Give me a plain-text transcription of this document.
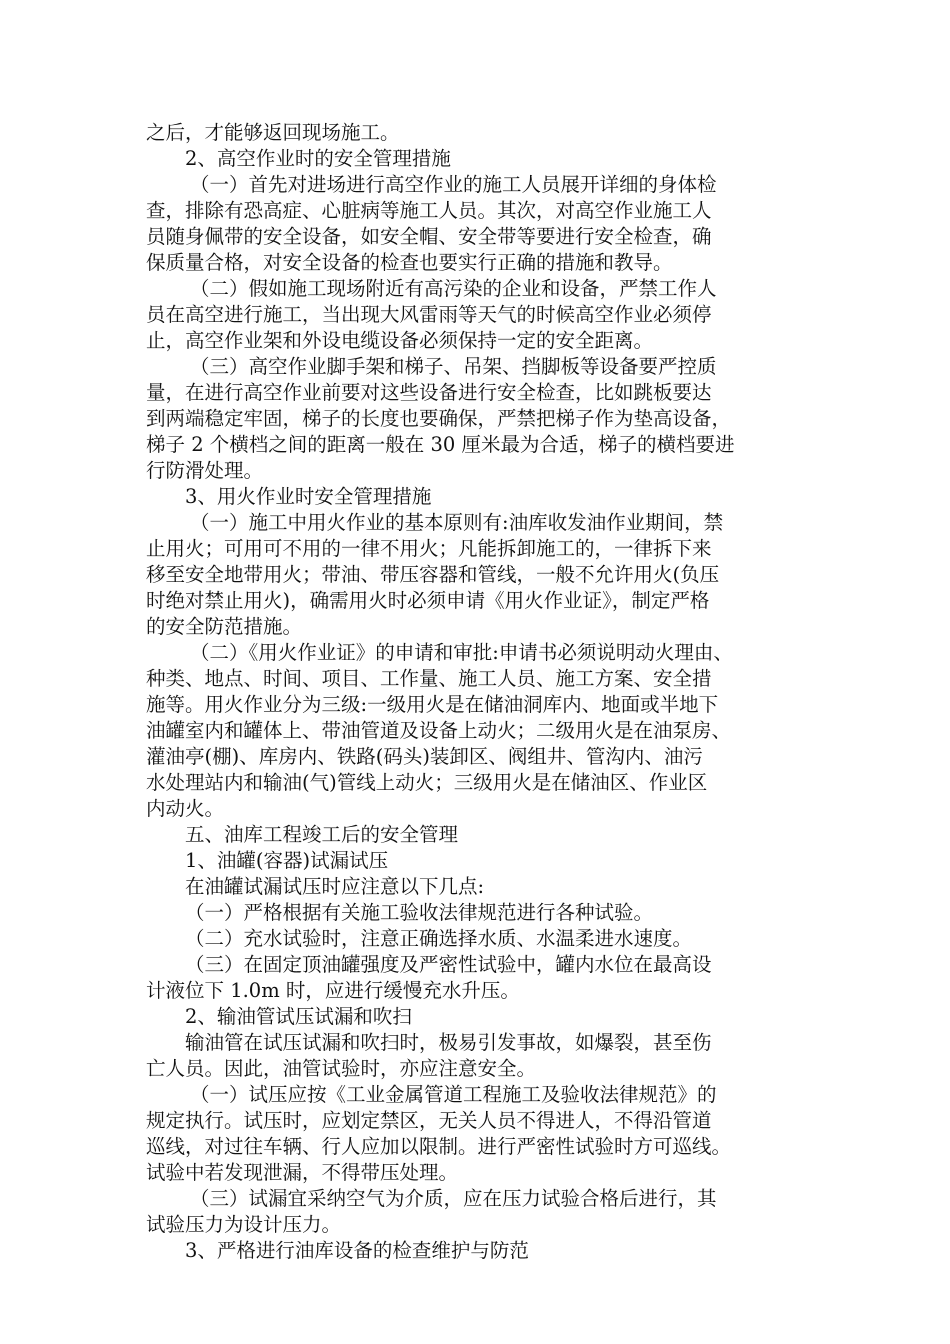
之后，才能够返回现场施工。

2、高空作业时的安全管理措施

（一）首先对进场进行高空作业的施工人员展开详细的身体检

查，排除有恐高症、心脏病等施工人员。其次，对高空作业施工人

员随身佩带的安全设备，如安全帽、安全带等要进行安全检查，确

保质量合格，对安全设备的检查也要实行正确的措施和教导。

（二）假如施工现场附近有高污染的企业和设备，严禁工作人

员在高空进行施工，当出现大风雷雨等天气的时候高空作业必须停

止，高空作业架和外设电缆设备必须保持一定的安全距离。

（三）高空作业脚手架和梯子、吊架、挡脚板等设备要严控质

量，在进行高空作业前要对这些设备进行安全检查，比如跳板要达

到两端稳定牢固，梯子的长度也要确保，严禁把梯子作为垫高设备，

梯子 2 个横档之间的距离一般在 30 厘米最为合适，梯子的横档要进

行防滑处理。

3、用火作业时安全管理措施

（一）施工中用火作业的基本原则有:油库收发油作业期间，禁

止用火；可用可不用的一律不用火；凡能拆卸施工的，一律拆下来

移至安全地带用火；带油、带压容器和管线，一般不允许用火(负压

时绝对禁止用火)，确需用火时必须申请《用火作业证》，制定严格

的安全防范措施。

（二）《用火作业证》的申请和审批:申请书必须说明动火理由、

种类、地点、时间、项目、工作量、施工人员、施工方案、安全措

施等。用火作业分为三级:一级用火是在储油洞库内、地面或半地下

油罐室内和罐体上、带油管道及设备上动火；二级用火是在油泵房、

灌油亭(棚)、库房内、铁路(码头)装卸区、阀组井、管沟内、油污

水处理站内和输油(气)管线上动火；三级用火是在储油区、作业区

内动火。

五、油库工程竣工后的安全管理

1、油罐(容器)试漏试压

在油罐试漏试压时应注意以下几点:

（一）严格根据有关施工验收法律规范进行各种试验。

（二）充水试验时，注意正确选择水质、水温柔进水速度。

（三）在固定顶油罐强度及严密性试验中，罐内水位在最高设

计液位下 1.0m 时，应进行缓慢充水升压。

2、输油管试压试漏和吹扫

输油管在试压试漏和吹扫时，极易引发事故，如爆裂，甚至伤

亡人员。因此，油管试验时，亦应注意安全。

（一）试压应按《工业金属管道工程施工及验收法律规范》的

规定执行。试压时，应划定禁区，无关人员不得进人，不得沿管道

巡线，对过往车辆、行人应加以限制。进行严密性试验时方可巡线。

试验中若发现泄漏，不得带压处理。

（三）试漏宜采纳空气为介质，应在压力试验合格后进行，其

试验压力为设计压力。

3、严格进行油库设备的检查维护与防范
